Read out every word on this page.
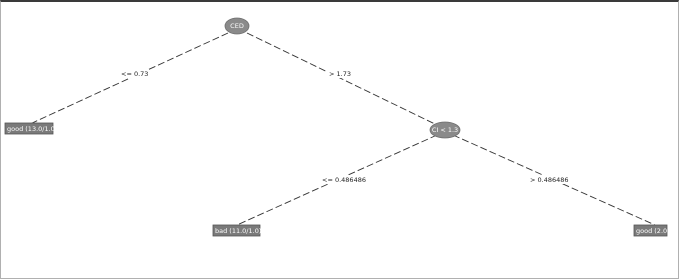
<= 0.73	> 1.73
<= 0.486486	> 0.486486
CED
CI < 1.3
good (13.0/1.0)
bad (11.0/1.0)	good (2.0)
